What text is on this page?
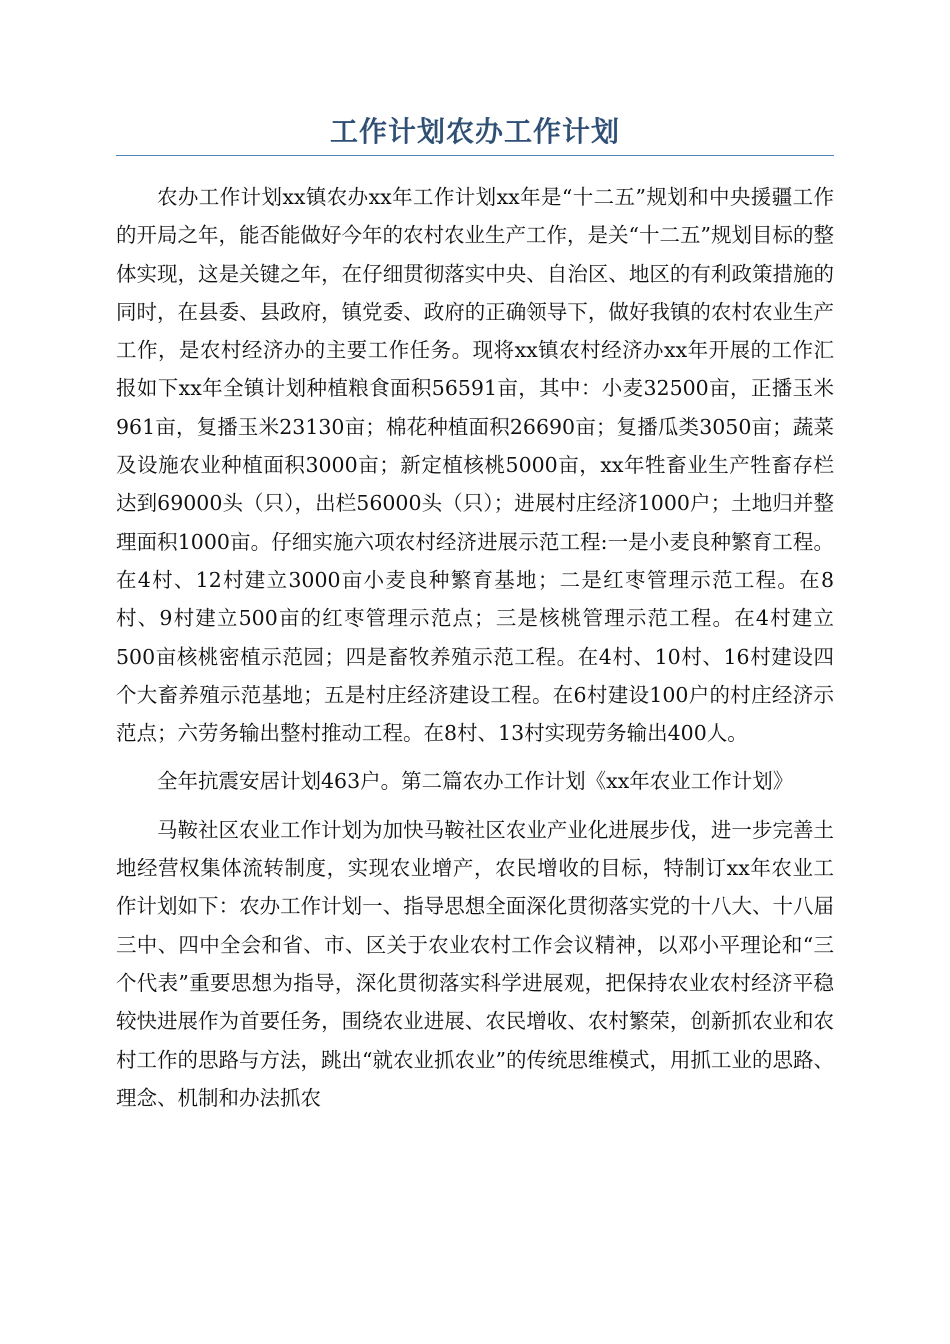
工作计划农办工作计划

农办工作计划xx镇农办xx年工作计划xx年是“十二五”规划和中央援疆工作的开局之年，能否能做好今年的农村农业生产工作，是关“十二五”规划目标的整体实现，这是关键之年，在仔细贯彻落实中央、自治区、地区的有利政策措施的同时，在县委、县政府，镇党委、政府的正确领导下，做好我镇的农村农业生产工作，是农村经济办的主要工作任务。现将xx镇农村经济办xx年开展的工作汇报如下xx年全镇计划种植粮食面积56591亩，其中：小麦32500亩，正播玉米961亩，复播玉米23130亩；棉花种植面积26690亩；复播瓜类3050亩；蔬菜及设施农业种植面积3000亩；新定植核桃5000亩，xx年牲畜业生产牲畜存栏达到69000头（只），出栏56000头（只）；进展村庄经济1000户；土地归并整理面积1000亩。仔细实施六项农村经济进展示范工程:一是小麦良种繁育工程。在4村、12村建立3000亩小麦良种繁育基地；二是红枣管理示范工程。在8村、9村建立500亩的红枣管理示范点；三是核桃管理示范工程。在4村建立500亩核桃密植示范园；四是畜牧养殖示范工程。在4村、10村、16村建设四个大畜养殖示范基地；五是村庄经济建设工程。在6村建设100户的村庄经济示范点；六劳务输出整村推动工程。在8村、13村实现劳务输出400人。

全年抗震安居计划463户。第二篇农办工作计划《xx年农业工作计划》

马鞍社区农业工作计划为加快马鞍社区农业产业化进展步伐，进一步完善土地经营权集体流转制度，实现农业增产，农民增收的目标，特制订xx年农业工作计划如下：农办工作计划一、指导思想全面深化贯彻落实党的十八大、十八届三中、四中全会和省、市、区关于农业农村工作会议精神，以邓小平理论和“三个代表”重要思想为指导，深化贯彻落实科学进展观，把保持农业农村经济平稳较快进展作为首要任务，围绕农业进展、农民增收、农村繁荣，创新抓农业和农村工作的思路与方法，跳出“就农业抓农业”的传统思维模式，用抓工业的思路、理念、机制和办法抓农
